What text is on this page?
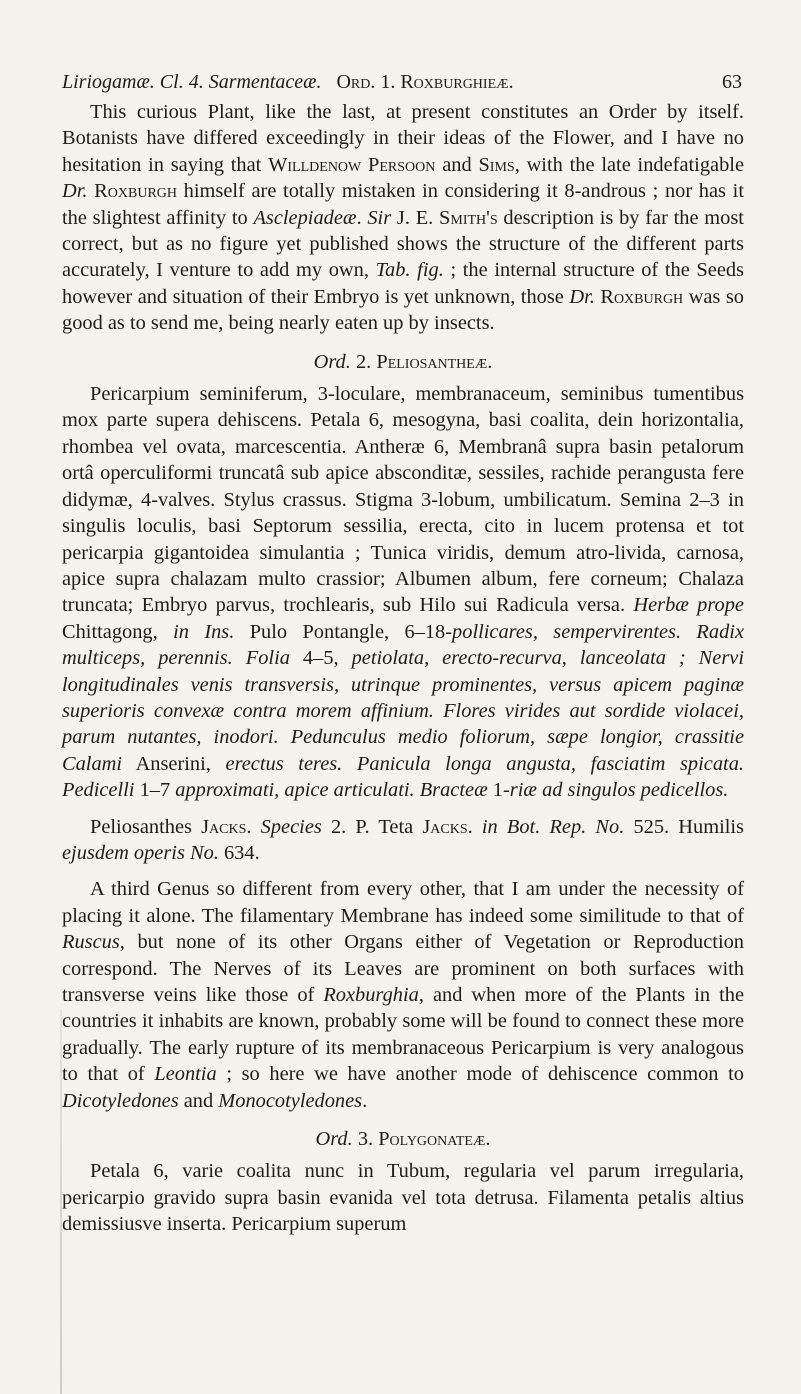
Liriogamæ. Cl. 4. Sarmentaceæ. Ord. 1. Roxburghieæ.	63

This curious Plant, like the last, at present constitutes an Order by itself. Botanists have differed exceedingly in their ideas of the Flower, and I have no hesitation in saying that Willdenow Persoon and Sims, with the late indefatigable Dr. Roxburgh himself are totally mistaken in considering it 8-androus ; nor has it the slightest affinity to Asclepiadeæ. Sir J. E. Smith's description is by far the most correct, but as no figure yet published shows the structure of the different parts accurately, I venture to add my own, Tab. fig. ; the internal structure of the Seeds however and situation of their Embryo is yet unknown, those Dr. Roxburgh was so good as to send me, being nearly eaten up by insects.

Ord. 2. Peliosantheæ.

Pericarpium seminiferum, 3-loculare, membranaceum, seminibus tumentibus mox parte supera dehiscens. Petala 6, mesogyna, basi coalita, dein horizontalia, rhombea vel ovata, marcescentia. Antheræ 6, Membranâ supra basin petalorum ortâ operculiformi truncatâ sub apice absconditæ, sessiles, rachide perangusta fere didymæ, 4-valves. Stylus crassus. Stigma 3-lobum, umbilicatum. Semina 2–3 in singulis loculis, basi Septorum sessilia, erecta, cito in lucem protensa et tot pericarpia gigantoidea simulantia ; Tunica viridis, demum atro-livida, carnosa, apice supra chalazam multo crassior; Albumen album, fere corneum; Chalaza truncata; Embryo parvus, trochlearis, sub Hilo sui Radicula versa. Herbæ prope Chittagong, in Ins. Pulo Pontangle, 6–18-pollicares, sempervirentes. Radix multiceps, perennis. Folia 4–5, petiolata, erecto-recurva, lanceolata ; Nervi longitudinales venis transversis, utrinque prominentes, versus apicem paginæ superioris convexæ contra morem affinium. Flores virides aut sordide violacei, parum nutantes, inodori. Pedunculus medio foliorum, sæpe longior, crassitie Calami Anserini, erectus teres. Panicula longa angusta, fasciatim spicata. Pedicelli 1–7 approximati, apice articulati. Bracteæ 1-riæ ad singulos pedicellos.

Peliosanthes Jacks. Species 2. P. Teta Jacks. in Bot. Rep. No. 525. Humilis ejusdem operis No. 634.

A third Genus so different from every other, that I am under the necessity of placing it alone. The filamentary Membrane has indeed some similitude to that of Ruscus, but none of its other Organs either of Vegetation or Reproduction correspond. The Nerves of its Leaves are prominent on both surfaces with transverse veins like those of Roxburghia, and when more of the Plants in the countries it inhabits are known, probably some will be found to connect these more gradually. The early rupture of its membranaceous Pericarpium is very analogous to that of Leontia ; so here we have another mode of dehiscence common to Dicotyledones and Monocotyledones.

Ord. 3. Polygonateæ.

Petala 6, varie coalita nunc in Tubum, regularia vel parum irregularia, pericarpio gravido supra basin evanida vel tota detrusa. Filamenta petalis altius demissiusve inserta. Pericarpium superum
